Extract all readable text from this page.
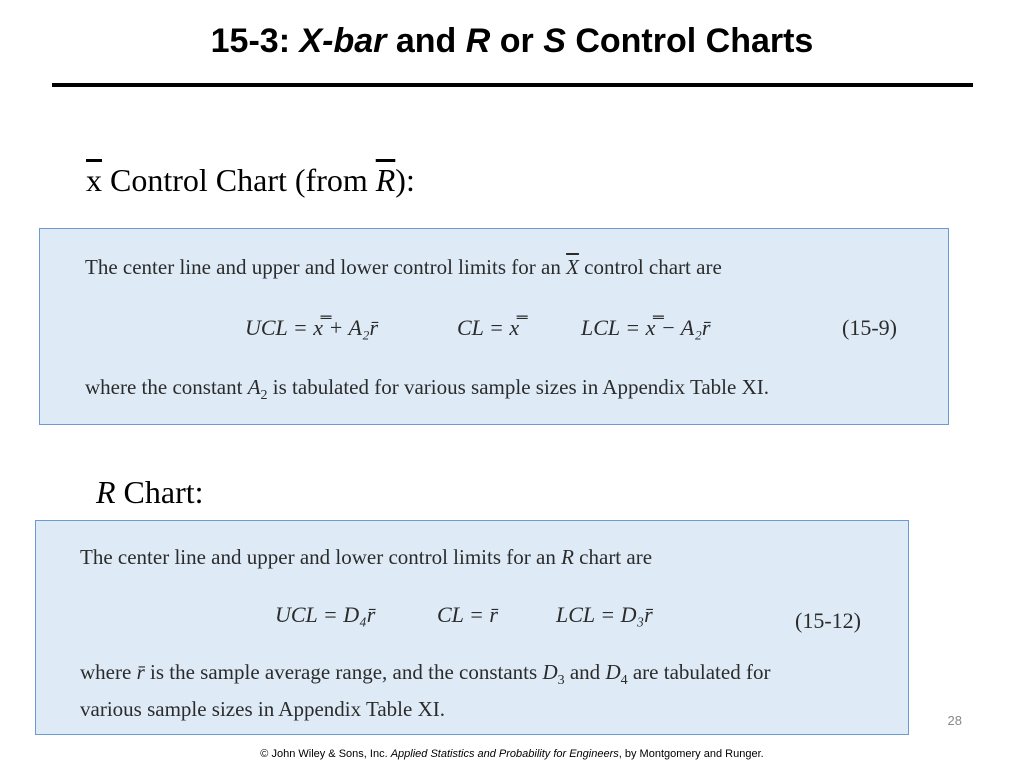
15-3: X-bar and R or S Control Charts
$\overline{x}$ Control Chart (from $\overline{R}$):
The center line and upper and lower control limits for an $\overline{X}$ control chart are
UCL = x̿ + A₂r̄	CL = x̿	LCL = x̿ − A₂r̄	(15-9)
where the constant $A_2$ is tabulated for various sample sizes in Appendix Table XI.
R Chart:
The center line and upper and lower control limits for an R chart are
UCL = D₄r̄	CL = r̄	LCL = D₃r̄	(15-12)
where r̄ is the sample average range, and the constants $D_3$ and $D_4$ are tabulated for
various sample sizes in Appendix Table XI.	28
© John Wiley & Sons, Inc. Applied Statistics and Probability for Engineers, by Montgomery and Runger.
